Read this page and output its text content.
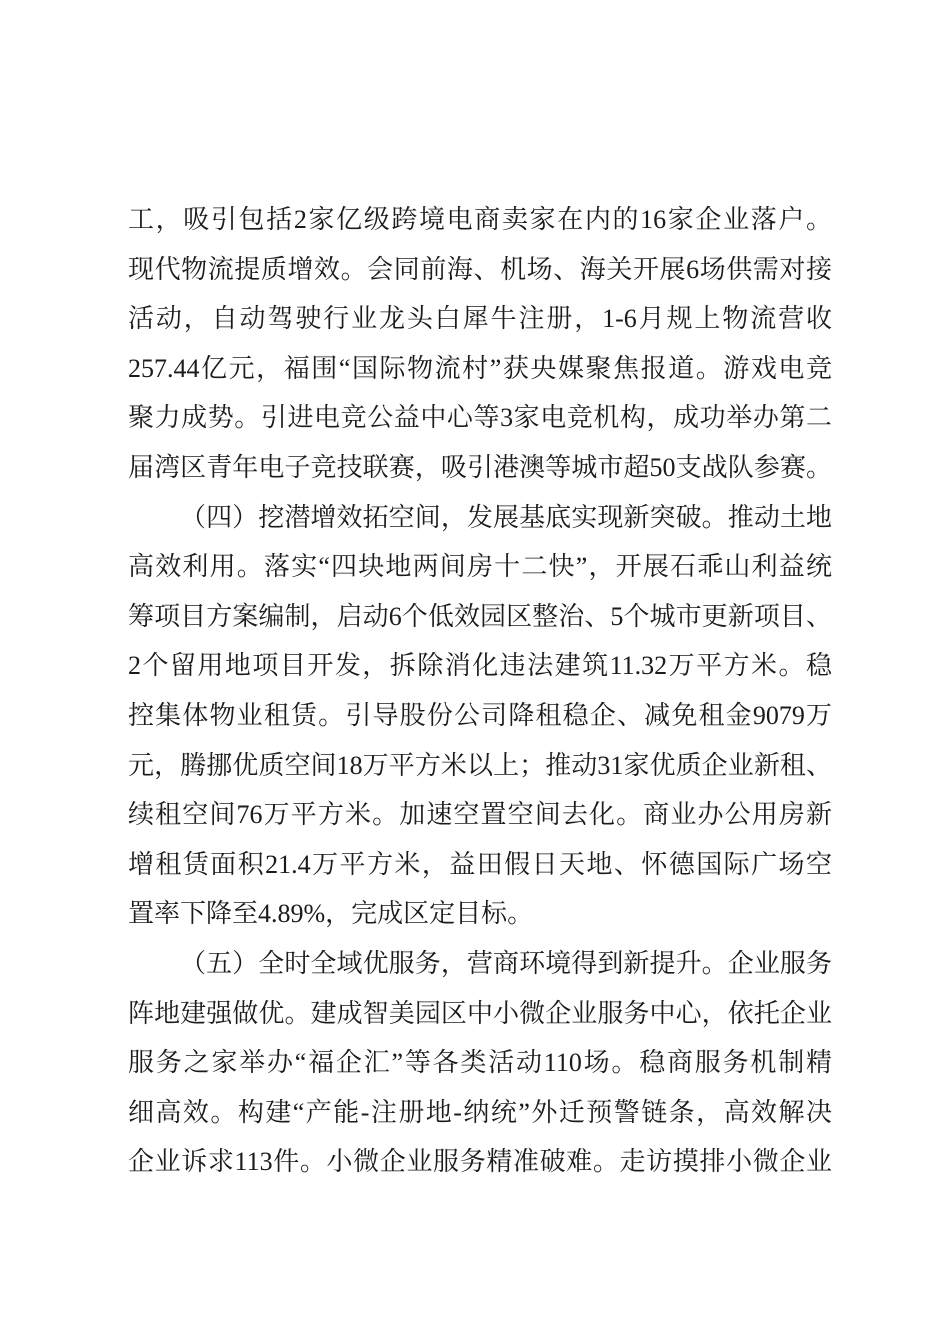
工，吸引包括2家亿级跨境电商卖家在内的16家企业落户。
现代物流提质增效。会同前海、机场、海关开展6场供需对接
活动，自动驾驶行业龙头白犀牛注册，1-6月规上物流营收
257.44亿元，福围“国际物流村”获央媒聚焦报道。游戏电竞
聚力成势。引进电竞公益中心等3家电竞机构，成功举办第二
届湾区青年电子竞技联赛，吸引港澳等城市超50支战队参赛。
（四）挖潜增效拓空间，发展基底实现新突破。推动土地
高效利用。落实“四块地两间房十二快”，开展石乖山利益统
筹项目方案编制，启动6个低效园区整治、5个城市更新项目、
2个留用地项目开发，拆除消化违法建筑11.32万平方米。稳
控集体物业租赁。引导股份公司降租稳企、减免租金9079万
元，腾挪优质空间18万平方米以上；推动31家优质企业新租、
续租空间76万平方米。加速空置空间去化。商业办公用房新
增租赁面积21.4万平方米，益田假日天地、怀德国际广场空
置率下降至4.89%，完成区定目标。
（五）全时全域优服务，营商环境得到新提升。企业服务
阵地建强做优。建成智美园区中小微企业服务中心，依托企业
服务之家举办“福企汇”等各类活动110场。稳商服务机制精
细高效。构建“产能-注册地-纳统”外迁预警链条，高效解决
企业诉求113件。小微企业服务精准破难。走访摸排小微企业
